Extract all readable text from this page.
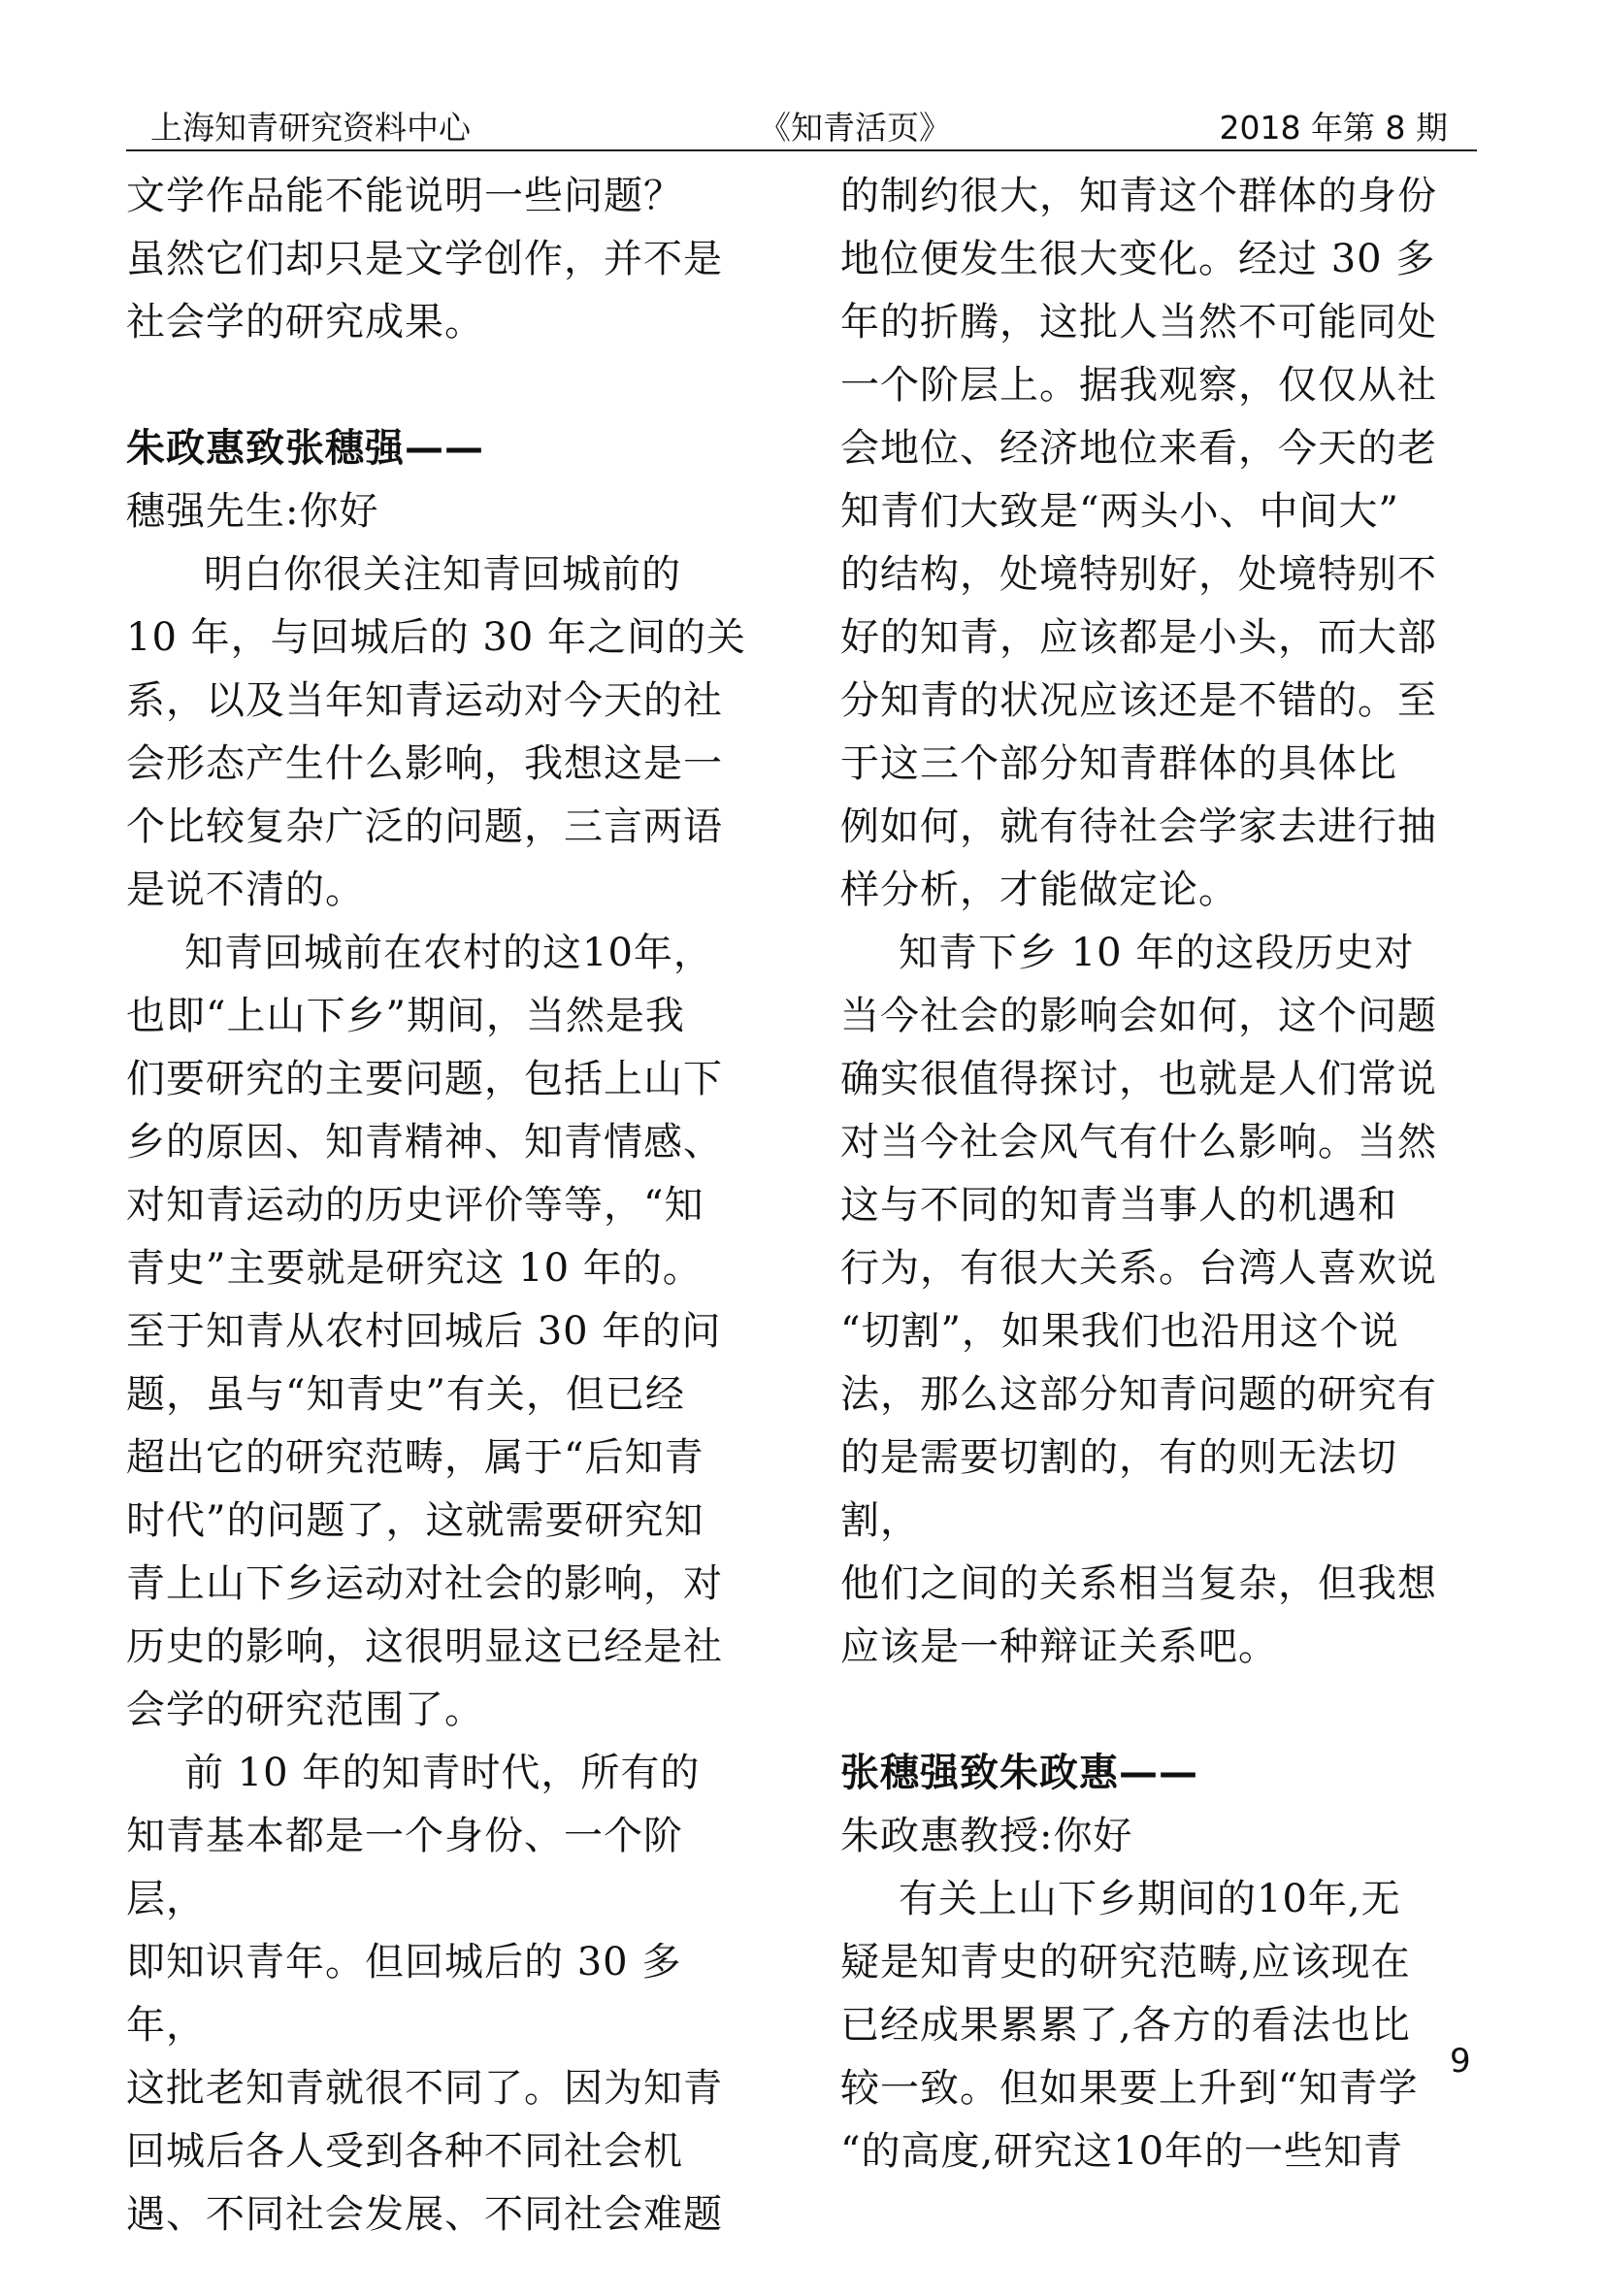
上海知青研究资料中心	《知青活页》	2018 年第 8 期

文学作品能不能说明一些问题？
虽然它们却只是文学创作，并不是
社会学的研究成果。

朱政惠致张穗强——

穗强先生:你好

明白你很关注知青回城前的
10 年，与回城后的 30 年之间的关
系，以及当年知青运动对今天的社
会形态产生什么影响，我想这是一
个比较复杂广泛的问题，三言两语
是说不清的。

知青回城前在农村的这10年，
也即“上山下乡”期间，当然是我
们要研究的主要问题，包括上山下
乡的原因、知青精神、知青情感、
对知青运动的历史评价等等，“知
青史”主要就是研究这 10 年的。
至于知青从农村回城后 30 年的问
题，虽与“知青史”有关，但已经
超出它的研究范畴，属于“后知青
时代”的问题了，这就需要研究知
青上山下乡运动对社会的影响，对
历史的影响，这很明显这已经是社
会学的研究范围了。

前 10 年的知青时代，所有的
知青基本都是一个身份、一个阶层，
即知识青年。但回城后的 30 多年，
这批老知青就很不同了。因为知青
回城后各人受到各种不同社会机
遇、不同社会发展、不同社会难题

的制约很大，知青这个群体的身份
地位便发生很大变化。经过 30 多
年的折腾，这批人当然不可能同处
一个阶层上。据我观察，仅仅从社
会地位、经济地位来看，今天的老
知青们大致是“两头小、中间大”
的结构，处境特别好，处境特别不
好的知青，应该都是小头，而大部
分知青的状况应该还是不错的。至
于这三个部分知青群体的具体比
例如何，就有待社会学家去进行抽
样分析，才能做定论。

知青下乡 10 年的这段历史对
当今社会的影响会如何，这个问题
确实很值得探讨，也就是人们常说
对当今社会风气有什么影响。当然
这与不同的知青当事人的机遇和
行为，有很大关系。台湾人喜欢说
“切割”，如果我们也沿用这个说
法，那么这部分知青问题的研究有
的是需要切割的，有的则无法切割，
他们之间的关系相当复杂，但我想
应该是一种辩证关系吧。

张穗强致朱政惠——

朱政惠教授:你好

有关上山下乡期间的10年,无
疑是知青史的研究范畴,应该现在
已经成果累累了,各方的看法也比
较一致。但如果要上升到“知青学
“的高度,研究这10年的一些知青

9
